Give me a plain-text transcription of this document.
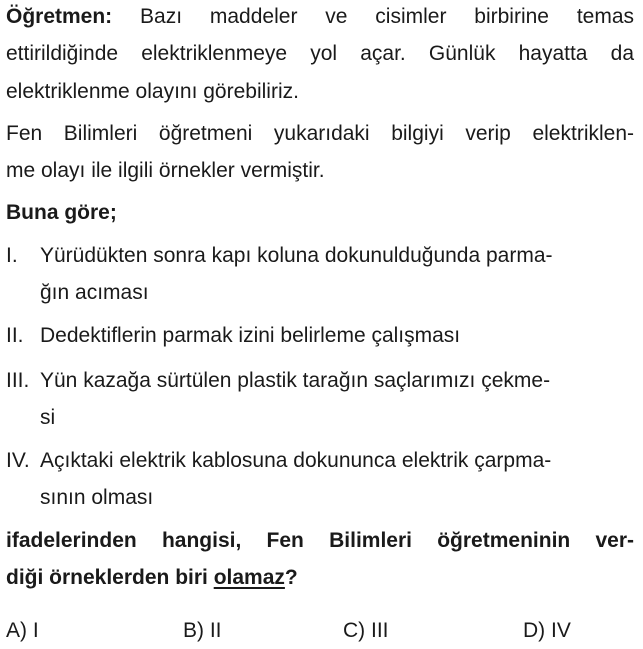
Öğretmen: Bazı maddeler ve cisimler birbirine temas
ettirildiğinde elektriklenmeye yol açar. Günlük hayatta da
elektriklenme olayını görebiliriz.
Fen Bilimleri öğretmeni yukarıdaki bilgiyi verip elektriklen-
me olayı ile ilgili örnekler vermiştir.
Buna göre;
I. Yürüdükten sonra kapı koluna dokunulduğunda parma-
ğın acıması
II. Dedektiflerin parmak izini belirleme çalışması
III. Yün kazağa sürtülen plastik tarağın saçlarımızı çekme-
si
IV. Açıktaki elektrik kablosuna dokununca elektrik çarpma-
sının olması
ifadelerinden hangisi, Fen Bilimleri öğretmeninin ver-
diği örneklerden biri olamaz?
A) I	B) II	C) III	D) IV
